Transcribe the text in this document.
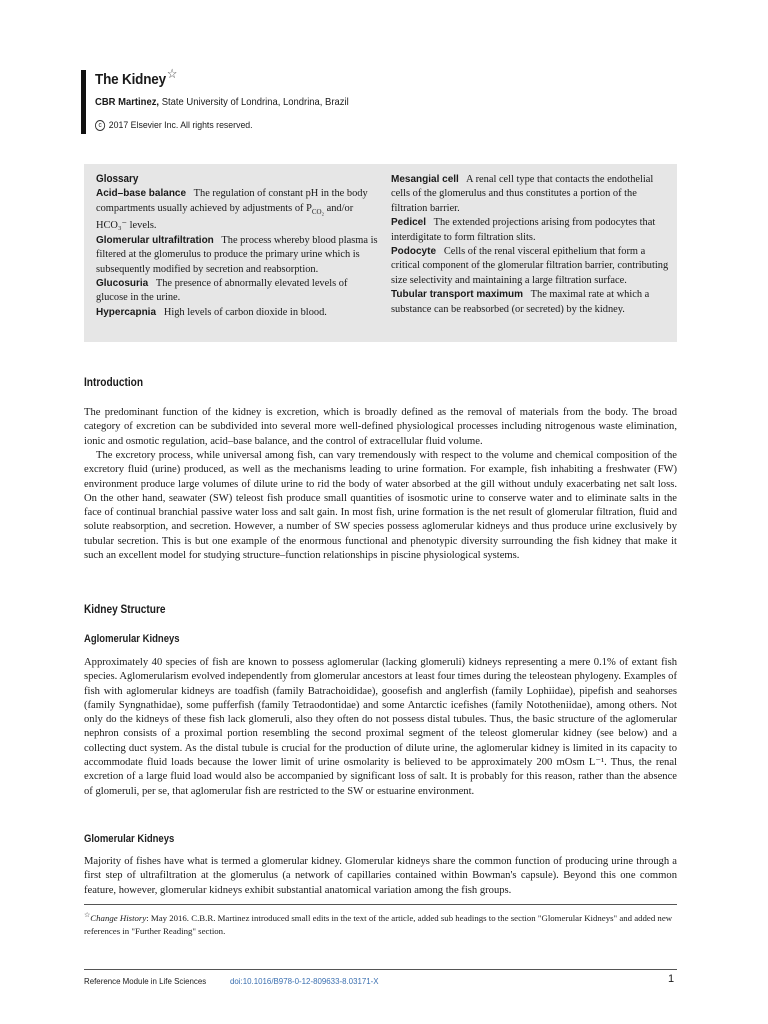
The Kidney☆

CBR Martinez, State University of Londrina, Londrina, Brazil

c 2017 Elsevier Inc. All rights reserved.

Glossary

Acid–base balance The regulation of constant pH in the body compartments usually achieved by adjustments of $P_{CO_2}$ and/or HCO₃⁻ levels.

Glomerular ultrafiltration The process whereby blood plasma is filtered at the glomerulus to produce the primary urine which is subsequently modified by secretion and reabsorption.

Glucosuria The presence of abnormally elevated levels of glucose in the urine.

Hypercapnia High levels of carbon dioxide in blood.

Mesangial cell A renal cell type that contacts the endothelial cells of the glomerulus and thus constitutes a portion of the filtration barrier.

Pedicel The extended projections arising from podocytes that interdigitate to form filtration slits.

Podocyte Cells of the renal visceral epithelium that form a critical component of the glomerular filtration barrier, contributing size selectivity and maintaining a large filtration surface.

Tubular transport maximum The maximal rate at which a substance can be reabsorbed (or secreted) by the kidney.

Introduction

The predominant function of the kidney is excretion, which is broadly defined as the removal of materials from the body. The broad category of excretion can be subdivided into several more well-defined physiological processes including nitrogenous waste elimination, ionic and osmotic regulation, acid–base balance, and the control of extracellular fluid volume.

The excretory process, while universal among fish, can vary tremendously with respect to the volume and chemical composition of the excretory fluid (urine) produced, as well as the mechanisms leading to urine formation. For example, fish inhabiting a freshwater (FW) environment produce large volumes of dilute urine to rid the body of water absorbed at the gill without unduly exacerbating net salt loss. On the other hand, seawater (SW) teleost fish produce small quantities of isosmotic urine to conserve water and to eliminate salts in the face of continual branchial passive water loss and salt gain. In most fish, urine formation is the net result of glomerular filtration, fluid and solute reabsorption, and secretion. However, a number of SW species possess aglomerular kidneys and thus produce urine exclusively by tubular secretion. This is but one example of the enormous functional and phenotypic diversity surrounding the fish kidney that make it such an excellent model for studying structure–function relationships in piscine physiological systems.

Kidney Structure
Aglomerular Kidneys

Approximately 40 species of fish are known to possess aglomerular (lacking glomeruli) kidneys representing a mere 0.1% of extant fish species. Aglomerularism evolved independently from glomerular ancestors at least four times during the teleostean phylogeny. Examples of fish with aglomerular kidneys are toadfish (family Batrachoididae), goosefish and anglerfish (family Lophiidae), pipefish and seahorses (family Syngnathidae), some pufferfish (family Tetraodontidae) and some Antarctic icefishes (family Nototheniidae), among others. Not only do the kidneys of these fish lack glomeruli, also they often do not possess distal tubules. Thus, the basic structure of the aglomerular nephron consists of a proximal portion resembling the second proximal segment of the teleost glomerular kidney (see below) and a collecting duct system. As the distal tubule is crucial for the production of dilute urine, the aglomerular kidney is limited in its capacity to accommodate fluid loads because the lower limit of urine osmolarity is believed to be approximately 200 mOsm L⁻¹. Thus, the renal excretion of a large fluid load would also be accompanied by significant loss of salt. It is probably for this reason, rather than the absence of glomeruli, per se, that aglomerular fish are restricted to the SW or estuarine environment.

Glomerular Kidneys

Majority of fishes have what is termed a glomerular kidney. Glomerular kidneys share the common function of producing urine through a first step of ultrafiltration at the glomerulus (a network of capillaries contained within Bowman's capsule). Beyond this one common feature, however, glomerular kidneys exhibit substantial anatomical variation among the fish groups.

☆Change History: May 2016. C.B.R. Martinez introduced small edits in the text of the article, added sub headings to the section "Glomerular Kidneys" and added new references in "Further Reading" section.

Reference Module in Life Sciences	doi:10.1016/B978-0-12-809633-8.03171-X	1
